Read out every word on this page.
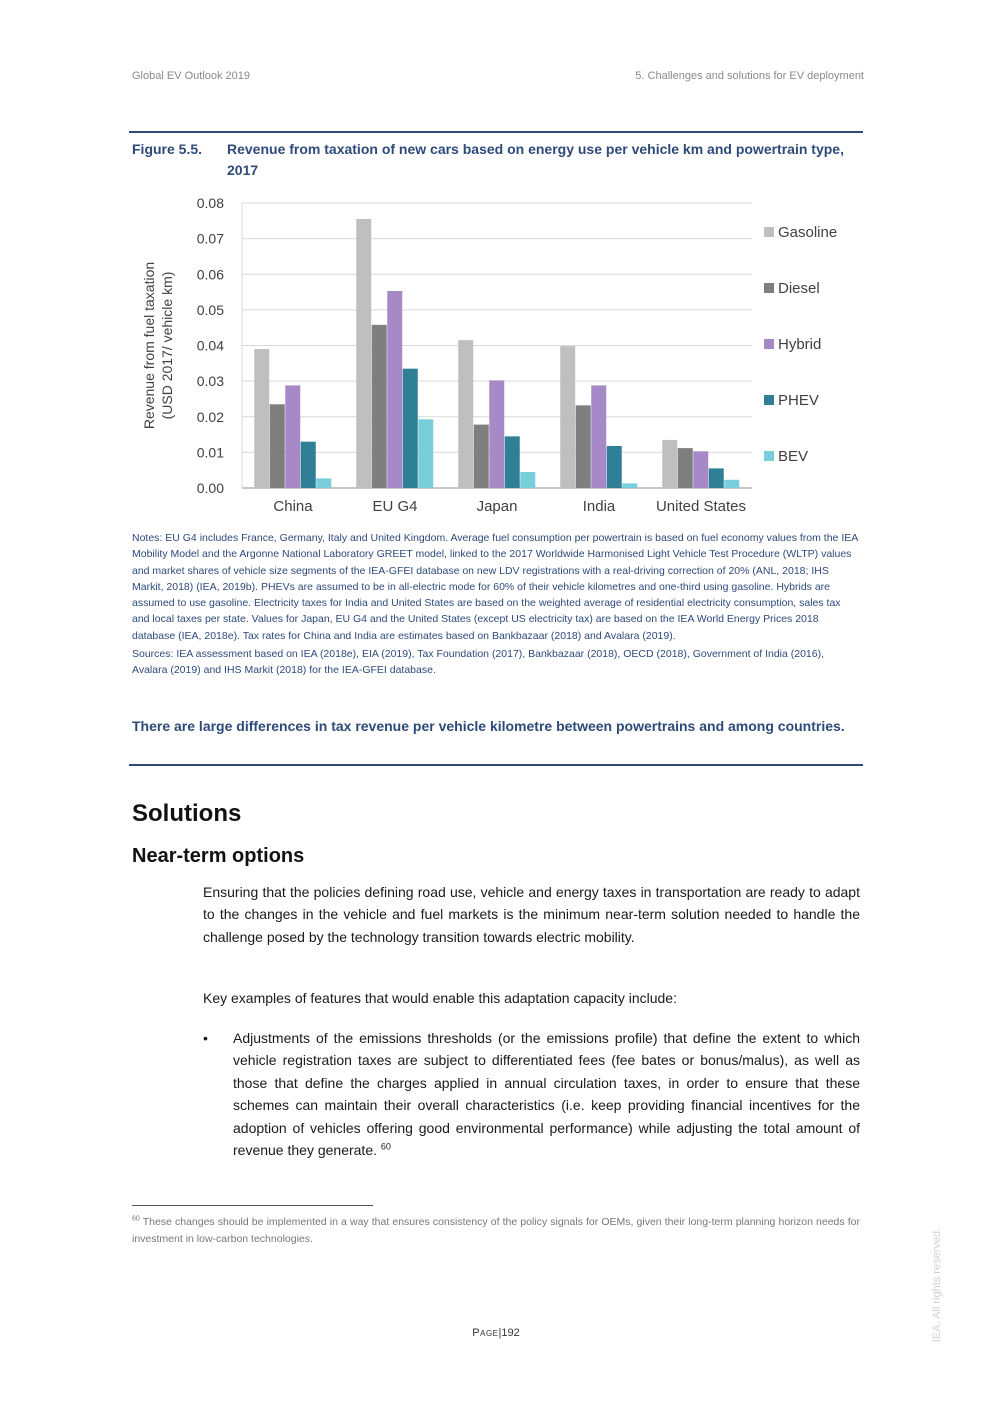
Global EV Outlook 2019	5. Challenges and solutions for EV deployment
Figure 5.5. Revenue from taxation of new cars based on energy use per vehicle km and powertrain type, 2017
0.00
0.01
0.02
0.03
0.04
0.05
0.06
0.07
0.08
Revenue from fuel taxation (USD 2017/ vehicle km)
China	EU G4	Japan	India	United States
Gasoline
Diesel
Hybrid
PHEV
BEV

Notes: EU G4 includes France, Germany, Italy and United Kingdom. Average fuel consumption per powertrain is based on fuel economy values from the IEA Mobility Model and the Argonne National Laboratory GREET model, linked to the 2017 Worldwide Harmonised Light Vehicle Test Procedure (WLTP) values and market shares of vehicle size segments of the IEA-GFEI database on new LDV registrations with a real-driving correction of 20% (ANL, 2018; IHS Markit, 2018) (IEA, 2019b). PHEVs are assumed to be in all-electric mode for 60% of their vehicle kilometres and one-third using gasoline. Hybrids are assumed to use gasoline. Electricity taxes for India and United States are based on the weighted average of residential electricity consumption, sales tax and local taxes per state. Values for Japan, EU G4 and the United States (except US electricity tax) are based on the IEA World Energy Prices 2018 database (IEA, 2018e). Tax rates for China and India are estimates based on Bankbazaar (2018) and Avalara (2019).

Sources: IEA assessment based on IEA (2018e), EIA (2019), Tax Foundation (2017), Bankbazaar (2018), OECD (2018), Government of India (2016), Avalara (2019) and IHS Markit (2018) for the IEA-GFEI database.

There are large differences in tax revenue per vehicle kilometre between powertrains and among countries.
Solutions
Near-term options
Ensuring that the policies defining road use, vehicle and energy taxes in transportation are ready to adapt to the changes in the vehicle and fuel markets is the minimum near-term solution needed to handle the challenge posed by the technology transition towards electric mobility.
Key examples of features that would enable this adaptation capacity include:
• Adjustments of the emissions thresholds (or the emissions profile) that define the extent to which vehicle registration taxes are subject to differentiated fees (fee bates or bonus/malus), as well as those that define the charges applied in annual circulation taxes, in order to ensure that these schemes can maintain their overall characteristics (i.e. keep providing financial incentives for the adoption of vehicles offering good environmental performance) while adjusting the total amount of revenue they generate. $^{60}$
$^{60}$ These changes should be implemented in a way that ensures consistency of the policy signals for OEMs, given their long-term planning horizon needs for investment in low-carbon technologies.
Page|192	IEA. All rights reserved.
